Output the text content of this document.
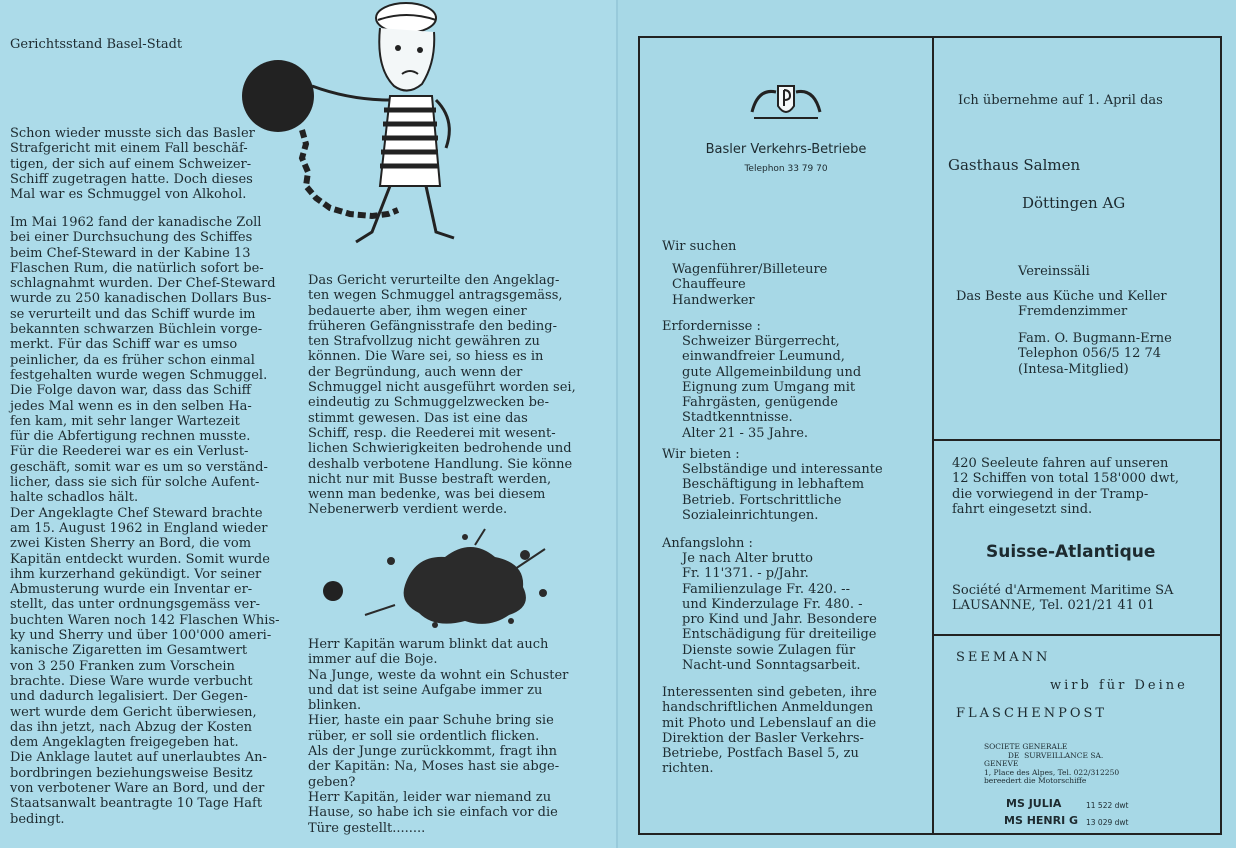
Gerichtsstand Basel-Stadt

Schon wieder musste sich das Basler
Strafgericht mit einem Fall beschäf-
tigen, der sich auf einem Schweizer-
Schiff zugetragen hatte. Doch dieses
Mal war es Schmuggel von Alkohol.

Im Mai 1962 fand der kanadische Zoll
bei einer Durchsuchung des Schiffes
beim Chef-Steward in der Kabine 13
Flaschen Rum, die natürlich sofort be-
schlagnahmt wurden. Der Chef-Steward
wurde zu 250 kanadischen Dollars Bus-
se verurteilt und das Schiff wurde im
bekannten schwarzen Büchlein vorge-
merkt. Für das Schiff war es umso
peinlicher, da es früher schon einmal
festgehalten wurde wegen Schmuggel.
Die Folge davon war, dass das Schiff
jedes Mal wenn es in den selben Ha-
fen kam, mit sehr langer Wartezeit
für die Abfertigung rechnen musste.
Für die Reederei war es ein Verlust-
geschäft, somit war es um so verständ-
licher, dass sie sich für solche Aufent-
halte schadlos hält.
Der Angeklagte Chef Steward brachte
am 15. August 1962 in England wieder
zwei Kisten Sherry an Bord, die vom
Kapitän entdeckt wurden. Somit wurde
ihm kurzerhand gekündigt. Vor seiner
Abmusterung wurde ein Inventar er-
stellt, das unter ordnungsgemäss ver-
buchten Waren noch 142 Flaschen Whis-
ky und Sherry und über 100'000 ameri-
kanische Zigaretten im Gesamtwert
von 3 250 Franken zum Vorschein
brachte. Diese Ware wurde verbucht
und dadurch legalisiert. Der Gegen-
wert wurde dem Gericht überwiesen,
das ihn jetzt, nach Abzug der Kosten
dem Angeklagten freigegeben hat.
Die Anklage lautet auf unerlaubtes An-
bordbringen beziehungsweise Besitz
von verbotener Ware an Bord, und der
Staatsanwalt beantragte 10 Tage Haft
bedingt.

Das Gericht verurteilte den Angeklag-
ten wegen Schmuggel antragsgemäss,
bedauerte aber, ihm wegen einer
früheren Gefängnisstrafe den beding-
ten Strafvollzug nicht gewähren zu
können. Die Ware sei, so hiess es in
der Begründung, auch wenn der
Schmuggel nicht ausgeführt worden sei,
eindeutig zu Schmuggelzwecken be-
stimmt gewesen. Das ist eine das
Schiff, resp. die Reederei mit wesent-
lichen Schwierigkeiten bedrohende und
deshalb verbotene Handlung. Sie könne
nicht nur mit Busse bestraft werden,
wenn man bedenke, was bei diesem
Nebenerwerb verdient werde.

Herr Kapitän warum blinkt dat auch
immer auf die Boje.
Na Junge, weste da wohnt ein Schuster
und dat ist seine Aufgabe immer zu
blinken.
Hier, haste ein paar Schuhe bring sie
rüber, er soll sie ordentlich flicken.
Als der Junge zurückkommt, fragt ihn
der Kapitän: Na, Moses hast sie abge-
geben?
Herr Kapitän, leider war niemand zu
Hause, so habe ich sie einfach vor die
Türe gestellt........

Basler Verkehrs-Betriebe

Telephon 33 79 70

Wir suchen

Wagenführer/Billeteure
Chauffeure
Handwerker

Erfordernisse :

Schweizer Bürgerrecht,
einwandfreier Leumund,
gute Allgemeinbildung und
Eignung zum Umgang mit
Fahrgästen, genügende
Stadtkenntnisse.
Alter 21 - 35 Jahre.

Wir bieten :

Selbständige und interessante
Beschäftigung in lebhaftem
Betrieb. Fortschrittliche
Sozialeinrichtungen.

Anfangslohn :

Je nach Alter brutto
Fr. 11'371. - p/Jahr.
Familienzulage Fr. 420. --
und Kinderzulage Fr. 480. -
pro Kind und Jahr. Besondere
Entschädigung für dreiteilige
Dienste sowie Zulagen für
Nacht-und Sonntagsarbeit.

Interessenten sind gebeten, ihre
handschriftlichen Anmeldungen
mit Photo und Lebenslauf an die
Direktion der Basler Verkehrs-
Betriebe, Postfach Basel 5, zu
richten.

Ich übernehme auf 1. April das

Gasthaus Salmen

Döttingen AG

Vereinssäli

Das Beste aus Küche und Keller

Fremdenzimmer

Fam. O. Bugmann-Erne
Telephon 056/5 12 74
(Intesa-Mitglied)

420 Seeleute fahren auf unseren
12 Schiffen von total 158'000 dwt,
die vorwiegend in der Tramp-
fahrt eingesetzt sind.

Suisse-Atlantique

Société d'Armement Maritime SA
LAUSANNE, Tel. 021/21 41 01

SEEMANN

wirb für Deine

FLASCHENPOST

SOCIETE GENERALE
DE  SURVEILLANCE SA.
GENEVE
1, Place des Alpes, Tel. 022/312250
bereedert die Motorschiffe

MS JULIA	11 522 dwt

MS HENRI G 13 029 dwt
